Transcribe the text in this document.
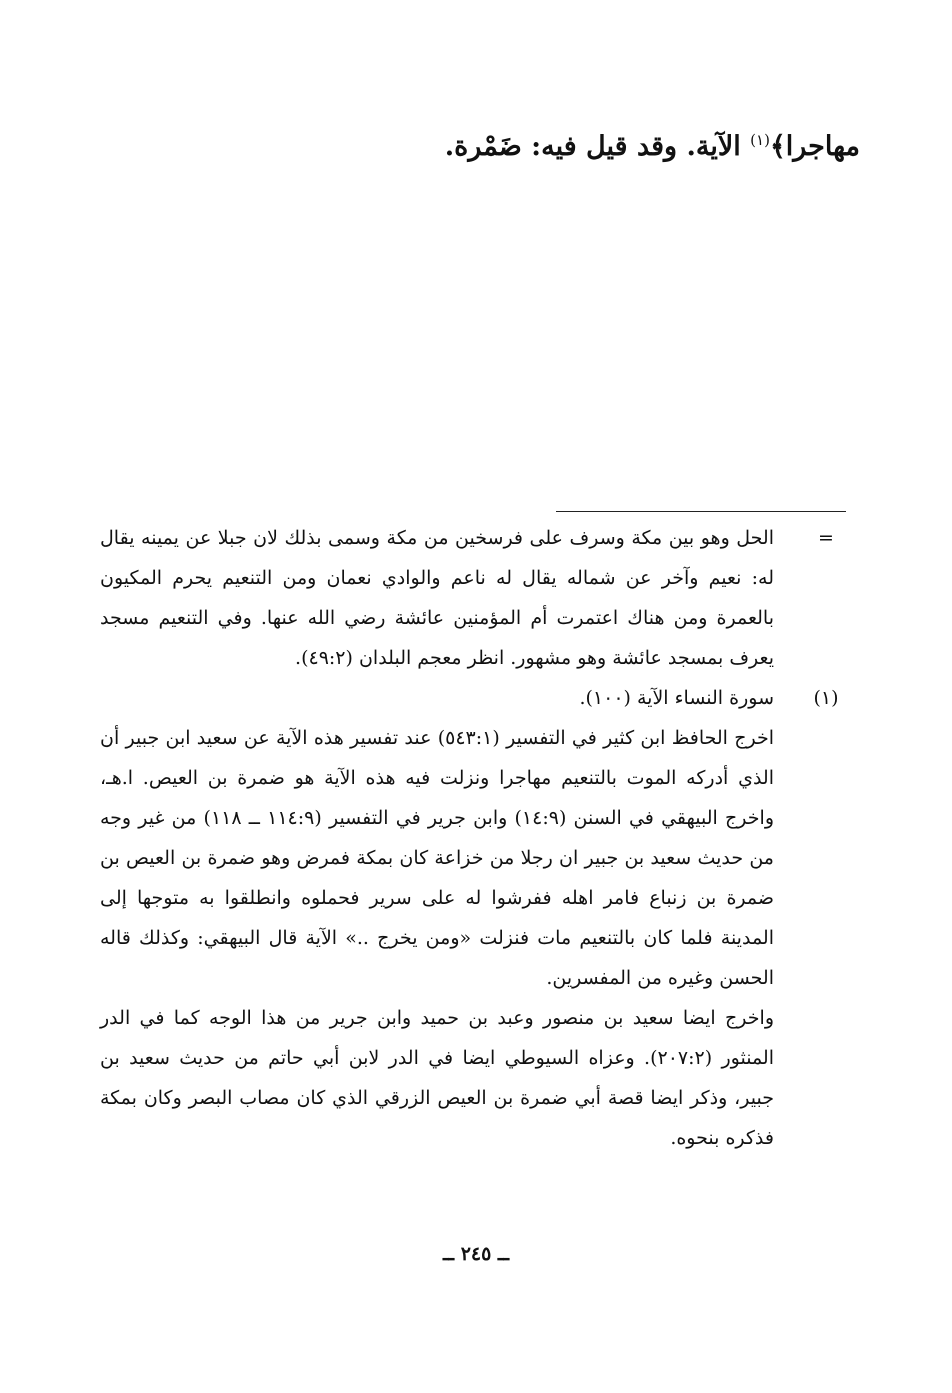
مهاجرا﴾$^{(١)}$ الآية. وقد قيل فيه: ضَمْرة.
=

الحل وهو بين مكة وسرف على فرسخين من مكة وسمى بذلك لان جبلا عن يمينه يقال له: نعيم وآخر عن شماله يقال له ناعم والوادي نعمان ومن التنعيم يحرم المكيون بالعمرة ومن هناك اعتمرت أم المؤمنين عائشة رضي الله عنها. وفي التنعيم مسجد يعرف بمسجد عائشة وهو مشهور. انظر معجم البلدان (٤٩:٢).

(١)

سورة النساء الآية (١٠٠).

اخرج الحافظ ابن كثير في التفسير (٥٤٣:١) عند تفسير هذه الآية عن سعيد ابن جبير أن الذي أدركه الموت بالتنعيم مهاجرا ونزلت فيه هذه الآية هو ضمرة بن العيص. ا.هـ، واخرج البيهقي في السنن (١٤:٩) وابن جرير في التفسير (١١٤:٩ ــ ١١٨) من غير وجه من حديث سعيد بن جبير ان رجلا من خزاعة كان بمكة فمرض وهو ضمرة بن العيص بن ضمرة بن زنباع فامر اهله ففرشوا له على سرير فحملوه وانطلقوا به متوجها إلى المدينة فلما كان بالتنعيم مات فنزلت «ومن يخرج ..» الآية قال البيهقي: وكذلك قاله الحسن وغيره من المفسرين.

واخرج ايضا سعيد بن منصور وعبد بن حميد وابن جرير من هذا الوجه كما في الدر المنثور (٢٠٧:٢). وعزاه السيوطي ايضا في الدر لابن أبي حاتم من حديث سعيد بن جبير، وذكر ايضا قصة أبي ضمرة بن العيص الزرقي الذي كان مصاب البصر وكان بمكة فذكره بنحوه.

ــ ٢٤٥ ــ
